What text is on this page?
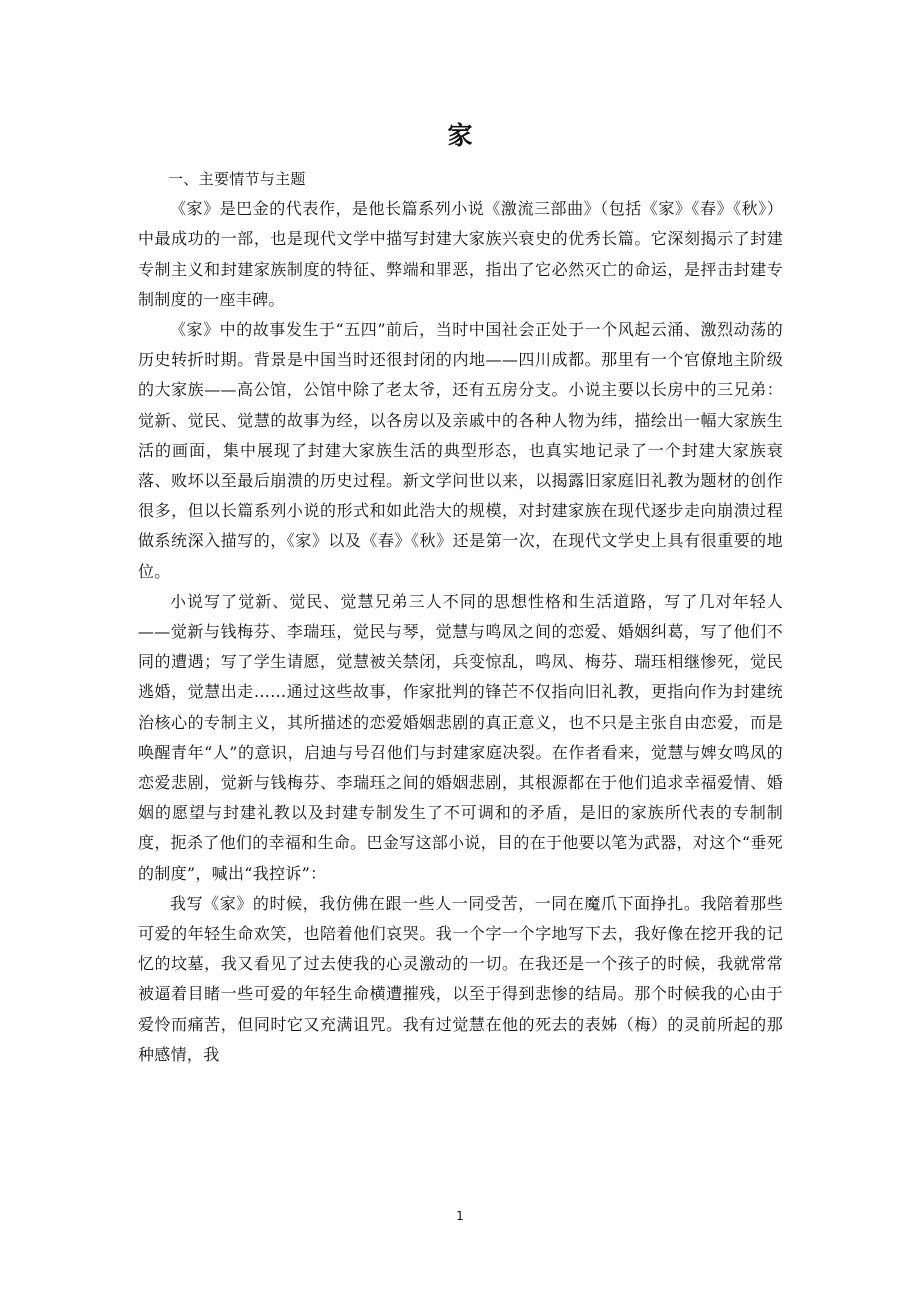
家

一、主要情节与主题

《家》是巴金的代表作，是他长篇系列小说《激流三部曲》（包括《家》《春》《秋》）中最成功的一部，也是现代文学中描写封建大家族兴衰史的优秀长篇。它深刻揭示了封建专制主义和封建家族制度的特征、弊端和罪恶，指出了它必然灭亡的命运，是抨击封建专制制度的一座丰碑。

《家》中的故事发生于“五四”前后，当时中国社会正处于一个风起云涌、激烈动荡的历史转折时期。背景是中国当时还很封闭的内地——四川成都。那里有一个官僚地主阶级的大家族——高公馆，公馆中除了老太爷，还有五房分支。小说主要以长房中的三兄弟：觉新、觉民、觉慧的故事为经，以各房以及亲戚中的各种人物为纬，描绘出一幅大家族生活的画面，集中展现了封建大家族生活的典型形态，也真实地记录了一个封建大家族衰落、败坏以至最后崩溃的历史过程。新文学问世以来，以揭露旧家庭旧礼教为题材的创作很多，但以长篇系列小说的形式和如此浩大的规模，对封建家族在现代逐步走向崩溃过程做系统深入描写的，《家》以及《春》《秋》还是第一次，在现代文学史上具有很重要的地位。

小说写了觉新、觉民、觉慧兄弟三人不同的思想性格和生活道路，写了几对年轻人——觉新与钱梅芬、李瑞珏，觉民与琴，觉慧与鸣凤之间的恋爱、婚姻纠葛，写了他们不同的遭遇；写了学生请愿，觉慧被关禁闭，兵变惊乱，鸣凤、梅芬、瑞珏相继惨死，觉民逃婚，觉慧出走……通过这些故事，作家批判的锋芒不仅指向旧礼教，更指向作为封建统治核心的专制主义，其所描述的恋爱婚姻悲剧的真正意义，也不只是主张自由恋爱，而是唤醒青年“人”的意识，启迪与号召他们与封建家庭决裂。在作者看来，觉慧与婢女鸣凤的恋爱悲剧，觉新与钱梅芬、李瑞珏之间的婚姻悲剧，其根源都在于他们追求幸福爱情、婚姻的愿望与封建礼教以及封建专制发生了不可调和的矛盾，是旧的家族所代表的专制制度，扼杀了他们的幸福和生命。巴金写这部小说，目的在于他要以笔为武器，对这个“垂死的制度”，喊出“我控诉”：

我写《家》的时候，我仿佛在跟一些人一同受苦，一同在魔爪下面挣扎。我陪着那些可爱的年轻生命欢笑，也陪着他们哀哭。我一个字一个字地写下去，我好像在挖开我的记忆的坟墓，我又看见了过去使我的心灵激动的一切。在我还是一个孩子的时候，我就常常被逼着目睹一些可爱的年轻生命横遭摧残，以至于得到悲惨的结局。那个时候我的心由于爱怜而痛苦，但同时它又充满诅咒。我有过觉慧在他的死去的表姊（梅）的灵前所起的那种感情，我

1
